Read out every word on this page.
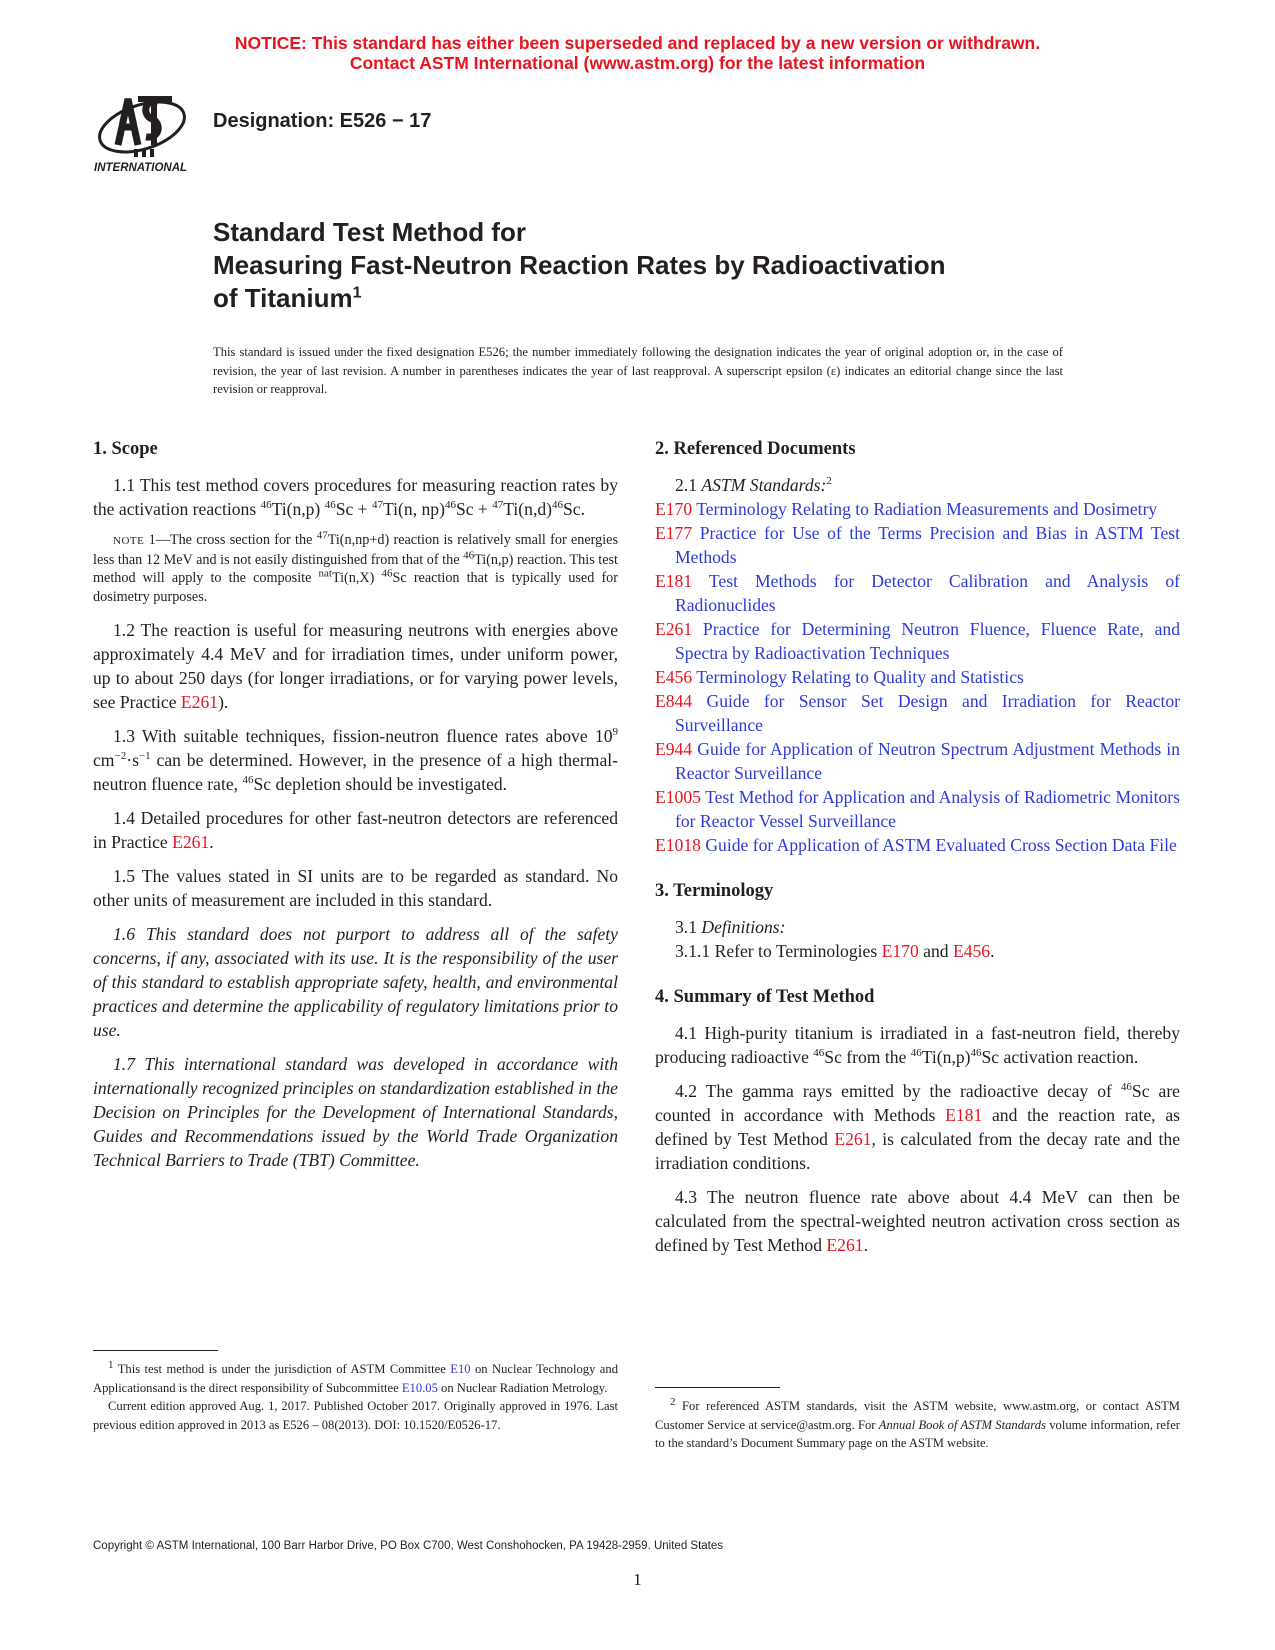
NOTICE: This standard has either been superseded and replaced by a new version or withdrawn.
Contact ASTM International (www.astm.org) for the latest information
INTERNATIONAL
Designation: E526 − 17
Standard Test Method for
Measuring Fast-Neutron Reaction Rates by Radioactivation
of Titanium$^1$
This standard is issued under the fixed designation E526; the number immediately following the designation indicates the year of original adoption or, in the case of revision, the year of last revision. A number in parentheses indicates the year of last reapproval. A superscript epsilon (ε) indicates an editorial change since the last revision or reapproval.
1. Scope

1.1 This test method covers procedures for measuring reaction rates by the activation reactions $^{46}$Ti(n,p) $^{46}$Sc + $^{47}$Ti(n, $np)^{46}Sc + ^{47}Ti(n,d)^{46}Sc$.

NOTE 1—The cross section for the $^{47}$Ti(n,np+d) reaction is relatively small for energies less than 12 MeV and is not easily distinguished from that of the $^{46}$Ti(n,p) reaction. This test method will apply to the composite $^{nat}$Ti(n,X) $^{46}$Sc reaction that is typically used for dosimetry purposes.

1.2 The reaction is useful for measuring neutrons with energies above approximately 4.4 MeV and for irradiation times, under uniform power, up to about 250 days (for longer irradiations, or for varying power levels, see Practice E261).

1.3 With suitable techniques, fission-neutron fluence rates above $10^9$ $cm^{-2}\cdot s^{-1}$ can be determined. However, in the presence of a high thermal-neutron fluence rate, $^{46}$Sc depletion should be investigated.

1.4 Detailed procedures for other fast-neutron detectors are referenced in Practice E261.

1.5 The values stated in SI units are to be regarded as standard. No other units of measurement are included in this standard.

1.6 This standard does not purport to address all of the safety concerns, if any, associated with its use. It is the responsibility of the user of this standard to establish appropriate safety, health, and environmental practices and determine the applicability of regulatory limitations prior to use.

1.7 This international standard was developed in accordance with internationally recognized principles on standardization established in the Decision on Principles for the Development of International Standards, Guides and Recommendations issued by the World Trade Organization Technical Barriers to Trade (TBT) Committee.

2. Referenced Documents

2.1 ASTM Standards:$^2$

E170 Terminology Relating to Radiation Measurements and Dosimetry

E177 Practice for Use of the Terms Precision and Bias in ASTM Test Methods

E181 Test Methods for Detector Calibration and Analysis of Radionuclides

E261 Practice for Determining Neutron Fluence, Fluence Rate, and Spectra by Radioactivation Techniques

E456 Terminology Relating to Quality and Statistics

E844 Guide for Sensor Set Design and Irradiation for Reactor Surveillance

E944 Guide for Application of Neutron Spectrum Adjustment Methods in Reactor Surveillance

E1005 Test Method for Application and Analysis of Radiometric Monitors for Reactor Vessel Surveillance

E1018 Guide for Application of ASTM Evaluated Cross Section Data File

3. Terminology

3.1 Definitions:

3.1.1 Refer to Terminologies E170 and E456.

4. Summary of Test Method

4.1 High-purity titanium is irradiated in a fast-neutron field, thereby producing radioactive $^{46}$Sc from the $^{46}Ti(n,p)^{46}Sc$ activation reaction.

4.2 The gamma rays emitted by the radioactive decay of $^{46}$Sc are counted in accordance with Methods E181 and the reaction rate, as defined by Test Method E261, is calculated from the decay rate and the irradiation conditions.

4.3 The neutron fluence rate above about 4.4 MeV can then be calculated from the spectral-weighted neutron activation cross section as defined by Test Method E261.

$^1$ This test method is under the jurisdiction of ASTM Committee E10 on Nuclear Technology and Applicationsand is the direct responsibility of Subcommittee E10.05 on Nuclear Radiation Metrology.

Current edition approved Aug. 1, 2017. Published October 2017. Originally approved in 1976. Last previous edition approved in 2013 as E526 – 08(2013). DOI: 10.1520/E0526-17.

$^2$ For referenced ASTM standards, visit the ASTM website, www.astm.org, or contact ASTM Customer Service at service@astm.org. For Annual Book of ASTM Standards volume information, refer to the standard’s Document Summary page on the ASTM website.

Copyright © ASTM International, 100 Barr Harbor Drive, PO Box C700, West Conshohocken, PA 19428-2959. United States
1
